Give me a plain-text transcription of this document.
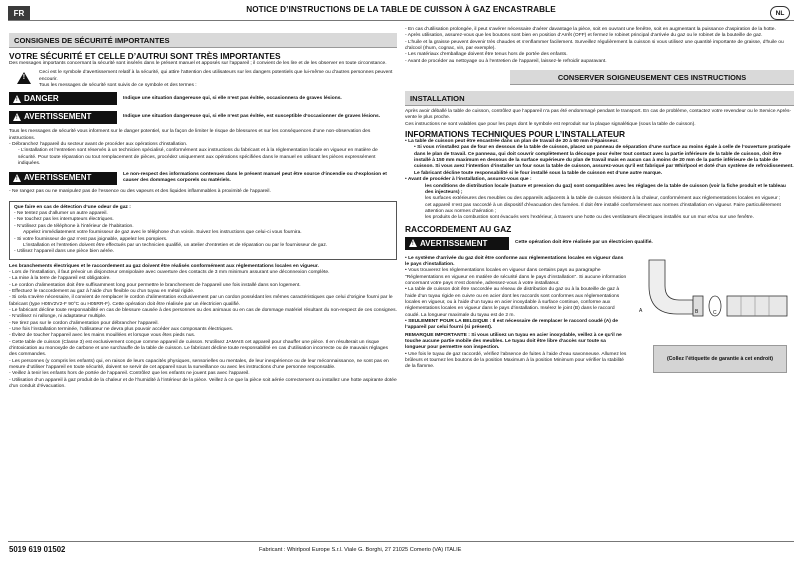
FR	NOTICE D’INSTRUCTIONS DE LA TABLE DE CUISSON À GAZ ENCASTRABLE	NL
CONSIGNES DE SÉCURITÉ IMPORTANTES
VOTRE SÉCURITÉ ET CELLE D’AUTRUI SONT TRÈS IMPORTANTES

Des messages importants concernant la sécurité sont insérés dans le présent manuel et apposés sur l’appareil ; il convient de les lire et de les observer en toute circonstance.

!

Ceci est le symbole d’avertissement relatif à la sécurité, qui attire l’attention des utilisateurs sur les dangers potentiels que lui-même ou d’autres personnes peuvent encourir.

Tous les messages de sécurité sont suivis de ce symbole et des termes :

! DANGER	Indique une situation dangereuse qui, si elle n’est pas évitée, occasionnera de graves lésions.
! AVERTISSEMENT	Indique une situation dangereuse qui, si elle n’est pas évitée, est susceptible d’occasionner de graves lésions.

Tous les messages de sécurité vous informent sur le danger potentiel, sur la façon de limiter le risque de blessures et sur les conséquences d’une non-observation des instructions.

- Débranchez l’appareil du secteur avant de procéder aux opérations d’installation.

- L’installation et l’entretien sont réservés à un technicien spécialisé, conformément aux instructions du fabricant et à la réglementation locale en vigueur en matière de sécurité. Pour toute réparation ou tout remplacement de pièces, procédez uniquement aux opérations spécifiées dans le manuel en utilisant les pièces expressément indiquées.

! AVERTISSEMENT	Le non-respect des informations contenues dans le présent manuel peut être source d’incendie ou d’explosion et causer des dommages corporels ou matériels.

- Ne rangez pas ou ne manipulez pas de l’essence ou des vapeurs et des liquides inflammables à proximité de l’appareil.

Que faire en cas de détection d’une odeur de gaz :

- Ne tentez pas d’allumer un autre appareil.

- Ne touchez pas les interrupteurs électriques.

- N’utilisez pas de téléphone à l’intérieur de l’habitation.

Appelez immédiatement votre fournisseur de gaz avec le téléphone d’un voisin. Suivez les instructions que celui-ci vous fournira.

- Si votre fournisseur de gaz n’est pas joignable, appelez les pompiers.

L’installation et l’entretien doivent être effectués par un technicien qualifié, un atelier d’entretien et de réparation ou par le fournisseur de gaz.

- Utilisez l’appareil dans une pièce bien aérée.

Les branchements électriques et le raccordement au gaz doivent être réalisés conformément aux réglementations locales en vigueur.

- Lors de l’installation, il faut prévoir un disjoncteur omnipolaire avec ouverture des contacts de 3 mm minimum assurant une déconnexion complète.

- La mise à la terre de l’appareil est obligatoire.

- Le cordon d’alimentation doit être suffisamment long pour permettre le branchement de l’appareil une fois installé dans son logement.

- Effectuez le raccordement au gaz à l’aide d’un flexible ou d’un tuyau en métal rigide.

- Si cela s’avère nécessaire, il convient de remplacer le cordon d’alimentation exclusivement par un cordon possédant les mêmes caractéristiques que celui d’origine fourni par le fabricant (type H05V2V2-F 90°C ou H05RR-F). Cette opération doit être réalisée par un électricien qualifié.

- Le fabricant décline toute responsabilité en cas de blessure causée à des personnes ou des animaux ou en cas de dommage matériel résultant du non-respect de ces consignes.

- N’utilisez ni rallonge, ni adaptateur multiple.

- Ne tirez pas sur le cordon d’alimentation pour débrancher l’appareil.

- Une fois l’installation terminée, l’utilisateur ne devra plus pouvoir accéder aux composants électriques.

- Évitez de toucher l’appareil avec les mains mouillées et lorsque vous êtes pieds nus.

- Cette table de cuisson (Classe 3) est exclusivement conçue comme appareil de cuisson. N’utilisez JAMAIS cet appareil pour chauffer une pièce. Il en résulterait un risque d’intoxication au monoxyde de carbone et une surchauffe de la table de cuisson. Le fabricant décline toute responsabilité en cas d’utilisation incorrecte ou de mauvais réglages des commandes.

- Les personnes (y compris les enfants) qui, en raison de leurs capacités physiques, sensorielles ou mentales, de leur inexpérience ou de leur méconnaissance, ne sont pas en mesure d’utiliser l’appareil en toute sécurité, doivent se servir de cet appareil sous la surveillance ou avec les instructions d’une personne responsable.

- Veillez à tenir les enfants hors de portée de l’appareil. Contrôlez que les enfants ne jouent pas avec l’appareil.

- Utilisation d’un appareil à gaz produit de la chaleur et de l’humidité à l’intérieur de la pièce. Veillez à ce que la pièce soit aérée correctement ou installez une hotte aspirante dotée d’un conduit d’évacuation.

- En cas d’utilisation prolongée, il peut s’avérer nécessaire d’aérer davantage la pièce, soit en ouvrant une fenêtre, soit en augmentant la puissance d’aspiration de la hotte.

- Après utilisation, assurez-vous que les boutons sont bien en position d’Arrêt (OFF) et fermez le robinet principal d’arrivée du gaz ou le robinet de la bouteille de gaz.

- L’huile et la graisse peuvent devenir très chaudes et s’enflammer facilement. Surveillez régulièrement la cuisson si vous utilisez une quantité importante de graisse, d’huile ou d’alcool (rhum, cognac, vin, par exemple).

- Les matériaux d’emballage doivent être tenus hors de portée des enfants.

- Avant de procéder au nettoyage ou à l’entretien de l’appareil, laissez-le refroidir auparavant.

CONSERVER SOIGNEUSEMENT CES INSTRUCTIONS
INSTALLATION

Après avoir déballé la table de cuisson, contrôlez que l’appareil n’a pas été endommagé pendant le transport. En cas de problème, contactez votre revendeur ou le Service Après-vente le plus proche.

Ces instructions ne sont valables que pour les pays dont le symbole est reproduit sur la plaque signalétique (sous la table de cuisson).

INFORMATIONS TECHNIQUES POUR L’INSTALLATEUR

• La table de cuisson peut être encastrée dans un plan de travail de 20 à 60 mm d’épaisseur.

• Si vous n’installez pas de four en dessous de la table de cuisson, placez un panneau de séparation d’une surface au moins égale à celle de l’ouverture pratiquée dans le plan de travail. Ce panneau, qui doit couvrir complètement la découpe pour éviter tout contact avec la partie inférieure de la table de cuisson, doit être installé à 150 mm maximum en dessous de la surface supérieure du plan de travail mais en aucun cas à moins de 20 mm de la partie inférieure de la table de cuisson. Si vous avez l’intention d’installer un four sous la table de cuisson, assurez-vous qu’il est fabriqué par Whirlpool et doté d’un système de refroidissement. Le fabricant décline toute responsabilité si le four installé sous la table de cuisson est d’une autre marque.

• Avant de procéder à l’installation, assurez-vous que :

les conditions de distribution locale (nature et pression du gaz) sont compatibles avec les réglages de la table de cuisson (voir la fiche produit et le tableau des injecteurs) ;

les surfaces extérieures des meubles ou des appareils adjacents à la table de cuisson résistent à la chaleur, conformément aux réglementations locales en vigueur ;

cet appareil n’est pas raccordé à un dispositif d’évacuation des fumées. Il doit être installé conformément aux normes d’installation en vigueur. Faire particulièrement attention aux normes d’aération ;

les produits de la combustion sont évacués vers l’extérieur, à travers une hotte ou des ventilateurs électriques installés sur un mur et/ou sur une fenêtre.

RACCORDEMENT AU GAZ
! AVERTISSEMENT	Cette opération doit être réalisée par un électricien qualifié.

• Le système d’arrivée du gaz doit être conforme aux réglementations locales en vigueur dans le pays d’installation.

• Vous trouverez les réglementations locales en vigueur dans certains pays au paragraphe "Réglementations en vigueur en matière de sécurité dans le pays d’installation". Si aucune information concernant votre pays n’est donnée, adressez-vous à votre installateur.

• La table de cuisson doit être raccordée au réseau de distribution du gaz ou à la bouteille de gaz à l’aide d’un tuyau rigide en cuivre ou en acier dont les raccords sont conformes aux réglementations locales en vigueur, ou à l’aide d’un tuyau en acier inoxydable à surface continue, conforme aux réglementations locales en vigueur dans le pays d’installation. Insérez le joint (B) dans le raccord coudé. La longueur maximale du tuyau est de 2 m.

• SEULEMENT POUR LA BELGIQUE : Il est nécessaire de remplacer le raccord coudé (A) de l’appareil par celui fourni (si présent).

A	B	C

REMARQUE IMPORTANTE : Si vous utilisez un tuyau en acier inoxydable, veillez à ce qu’il ne touche aucune partie mobile des meubles. Le tuyau doit être libre d’accès sur toute sa longueur pour permettre son inspection.

• Une fois le tuyau de gaz raccordé, vérifiez l’absence de fuites à l’aide d’eau savonneuse. Allumez les brûleurs et tournez les boutons de la position Maximum à la position Minimum pour vérifier la stabilité de la flamme.

(Collez l’étiquette de garantie à cet endroit)
5019 619 01502	Fabricant : Whirlpool Europe S.r.l. Viale G. Borghi, 27 21025 Comerio (VA) ITALIE
